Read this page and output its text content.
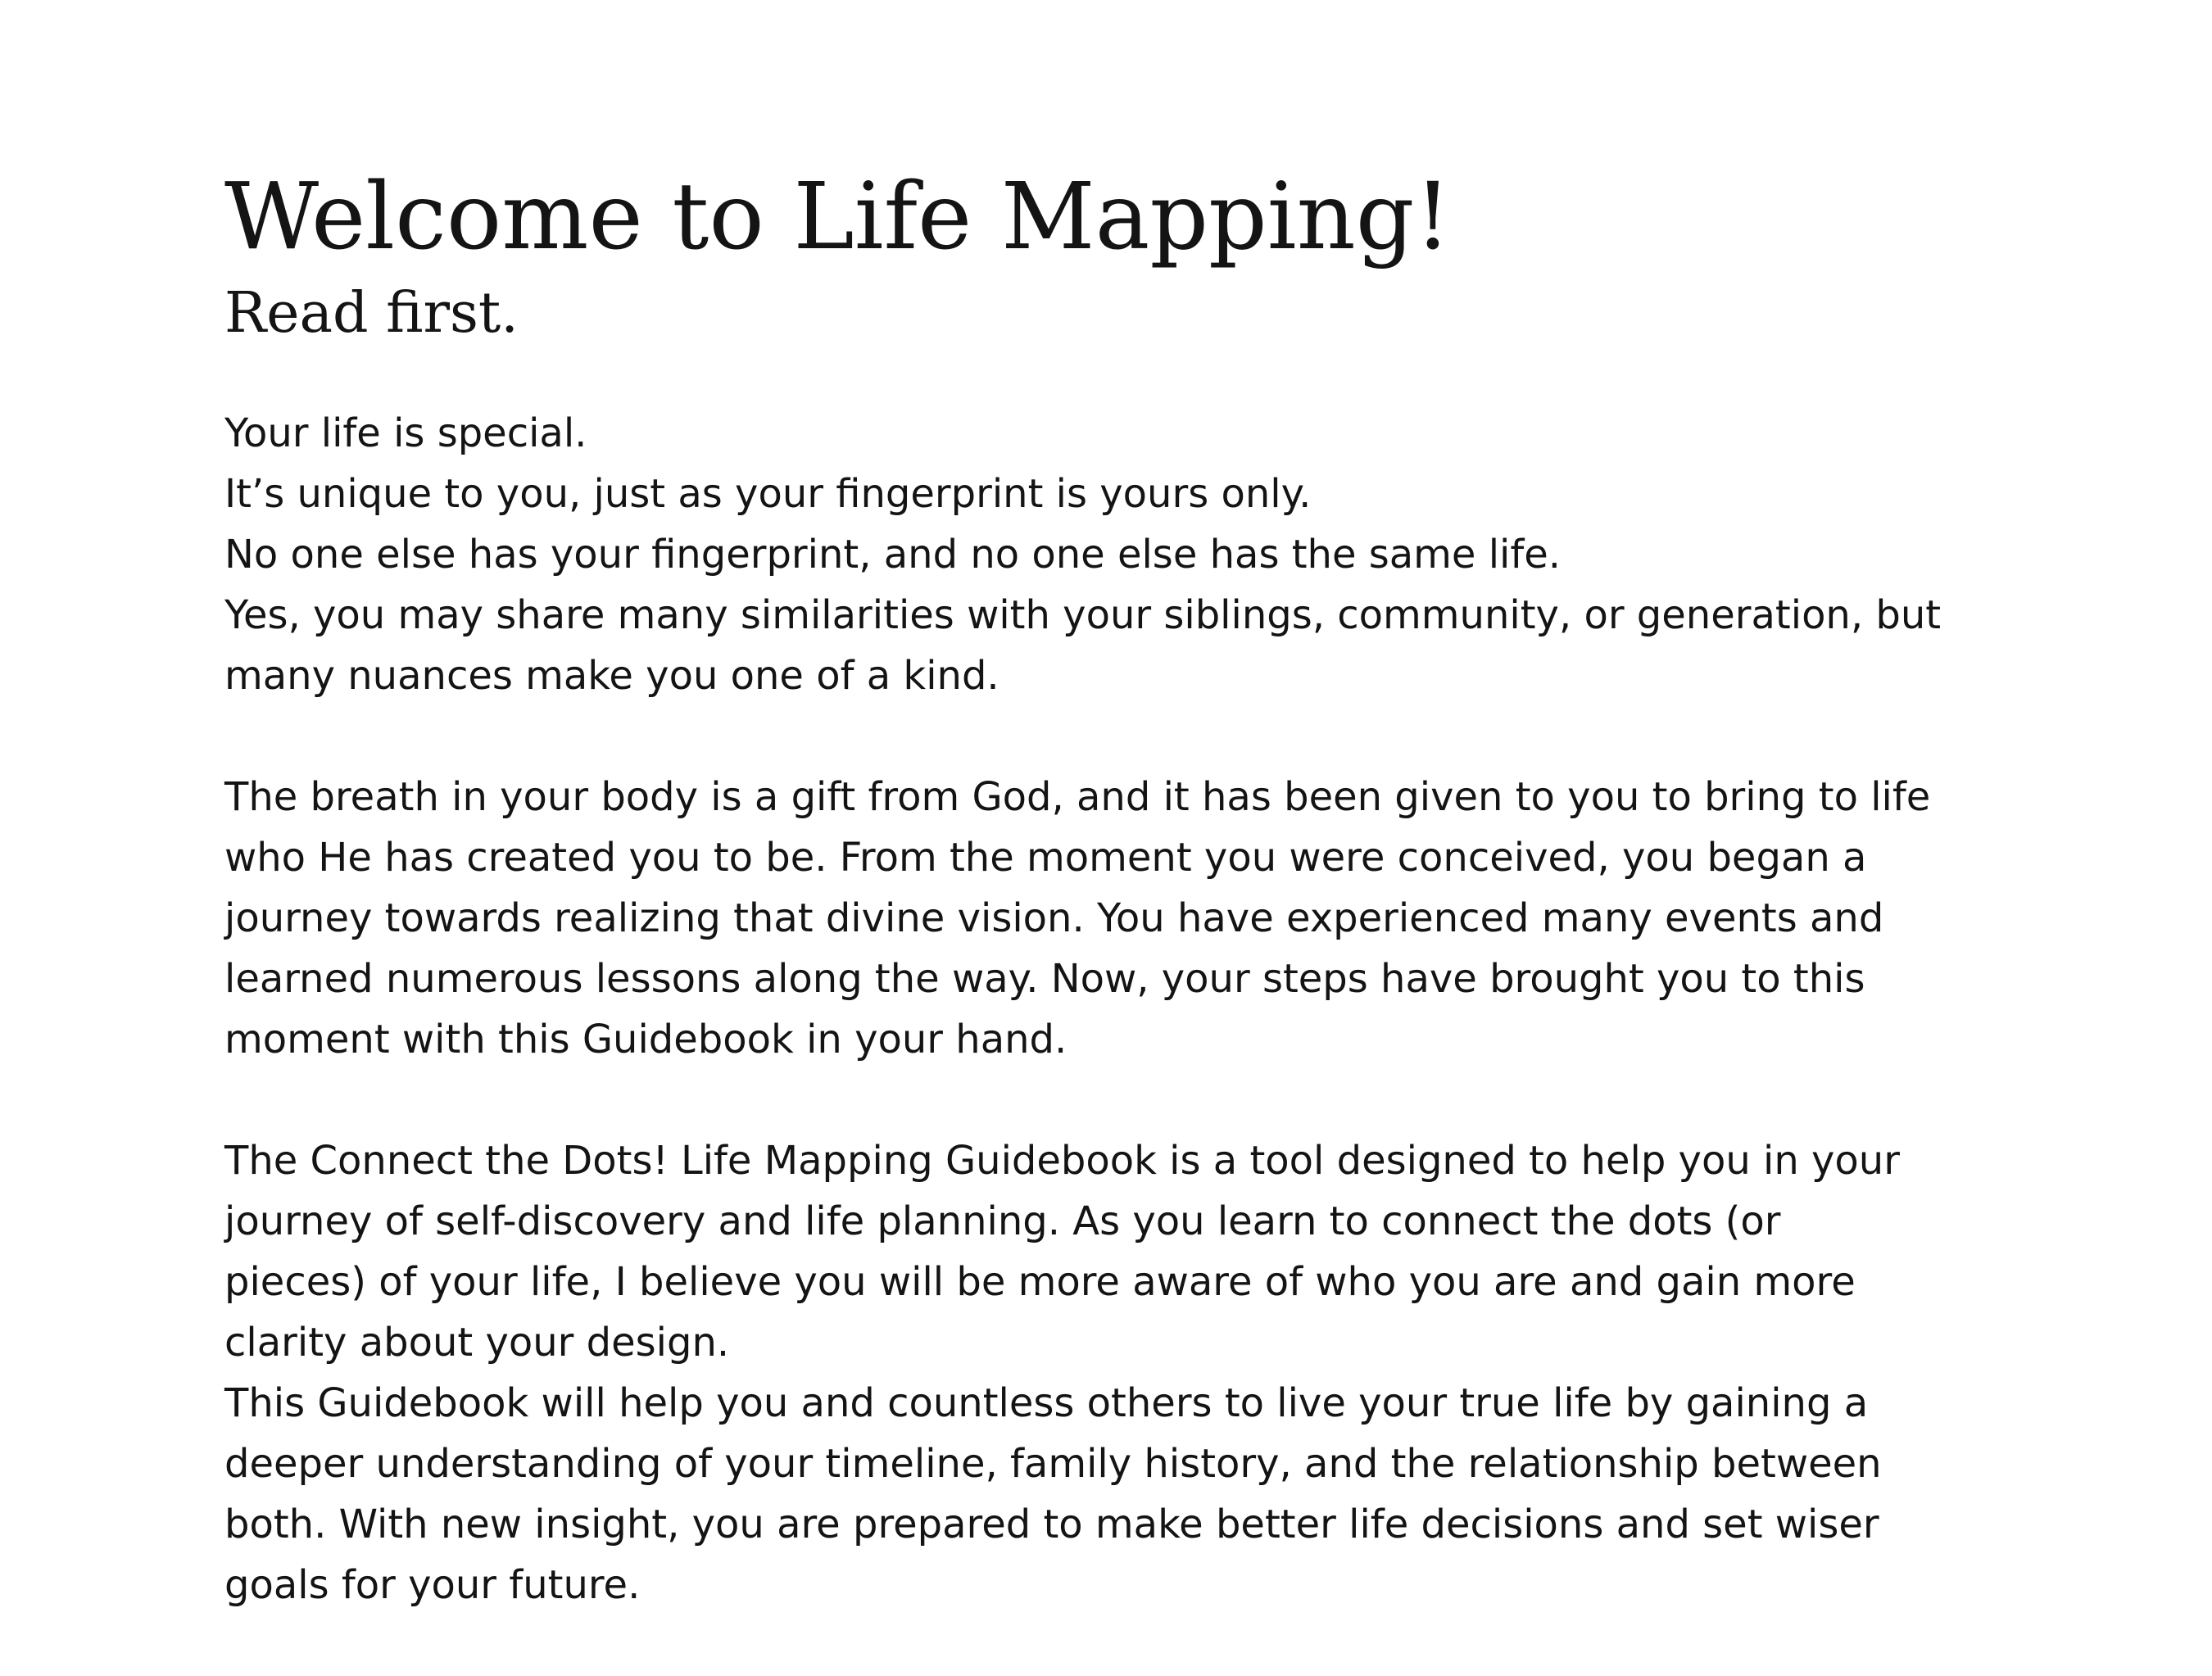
Welcome to Life Mapping!
Read first.

Your life is special.
It’s unique to you, just as your fingerprint is yours only.
No one else has your fingerprint, and no one else has the same life.
Yes, you may share many similarities with your siblings, community, or generation, but
many nuances make you one of a kind.

The breath in your body is a gift from God, and it has been given to you to bring to life
who He has created you to be. From the moment you were conceived, you began a
journey towards realizing that divine vision. You have experienced many events and
learned numerous lessons along the way. Now, your steps have brought you to this
moment with this Guidebook in your hand.

The Connect the Dots! Life Mapping Guidebook is a tool designed to help you in your
journey of self-discovery and life planning. As you learn to connect the dots (or
pieces) of your life, I believe you will be more aware of who you are and gain more
clarity about your design.
This Guidebook will help you and countless others to live your true life by gaining a
deeper understanding of your timeline, family history, and the relationship between
both. With new insight, you are prepared to make better life decisions and set wiser
goals for your future.
